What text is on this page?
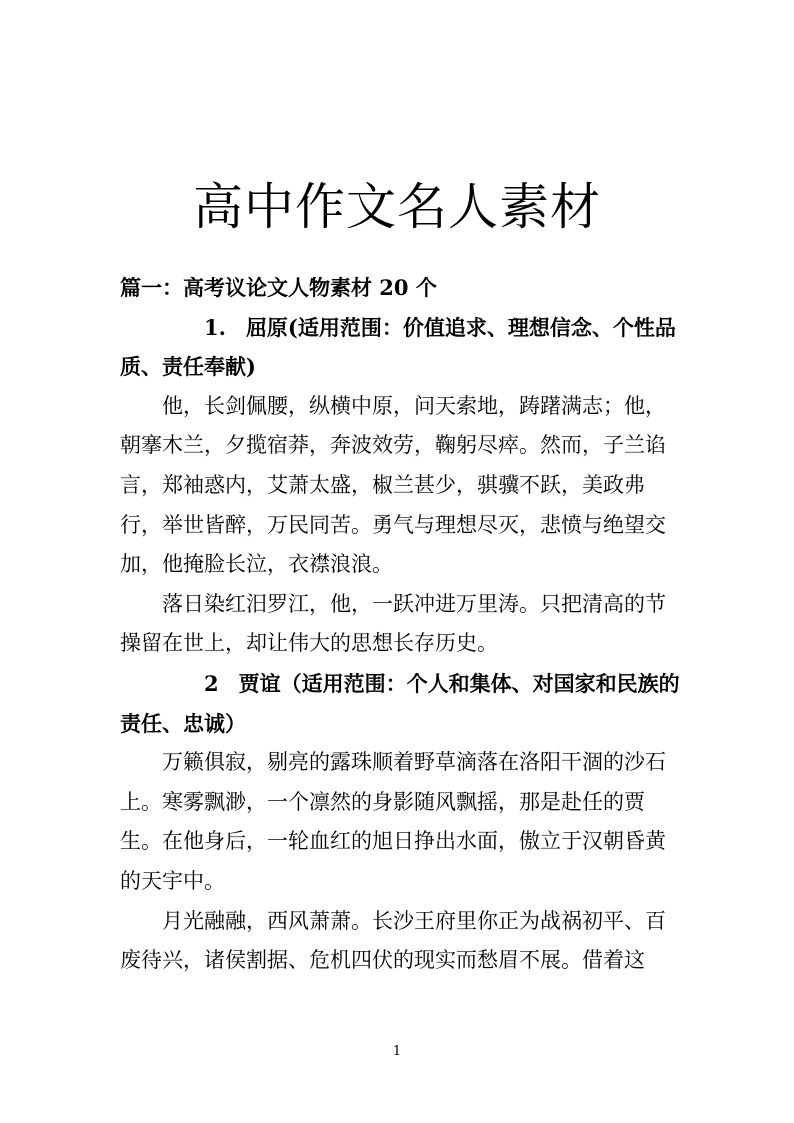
高中作文名人素材

篇一：高考议论文人物素材 20 个

1. 屈原(适用范围：价值追求、理想信念、个性品质、责任奉献)

他，长剑佩腰，纵横中原，问天索地，踌躇满志；他，朝搴木兰，夕揽宿莽，奔波效劳，鞠躬尽瘁。然而，子兰谄言，郑袖惑内，艾萧太盛，椒兰甚少，骐骥不跃，美政弗行，举世皆醉，万民同苦。勇气与理想尽灭，悲愤与绝望交加，他掩脸长泣，衣襟浪浪。

落日染红汨罗江，他，一跃冲进万里涛。只把清高的节操留在世上，却让伟大的思想长存历史。

2 贾谊（适用范围：个人和集体、对国家和民族的责任、忠诚）

万籁俱寂，剔亮的露珠顺着野草滴落在洛阳干涸的沙石上。寒雾飘渺，一个凛然的身影随风飘摇，那是赴任的贾生。在他身后，一轮血红的旭日挣出水面，傲立于汉朝昏黄的天宇中。

月光融融，西风萧萧。长沙王府里你正为战祸初平、百废待兴，诸侯割据、危机四伏的现实而愁眉不展。借着这

1
